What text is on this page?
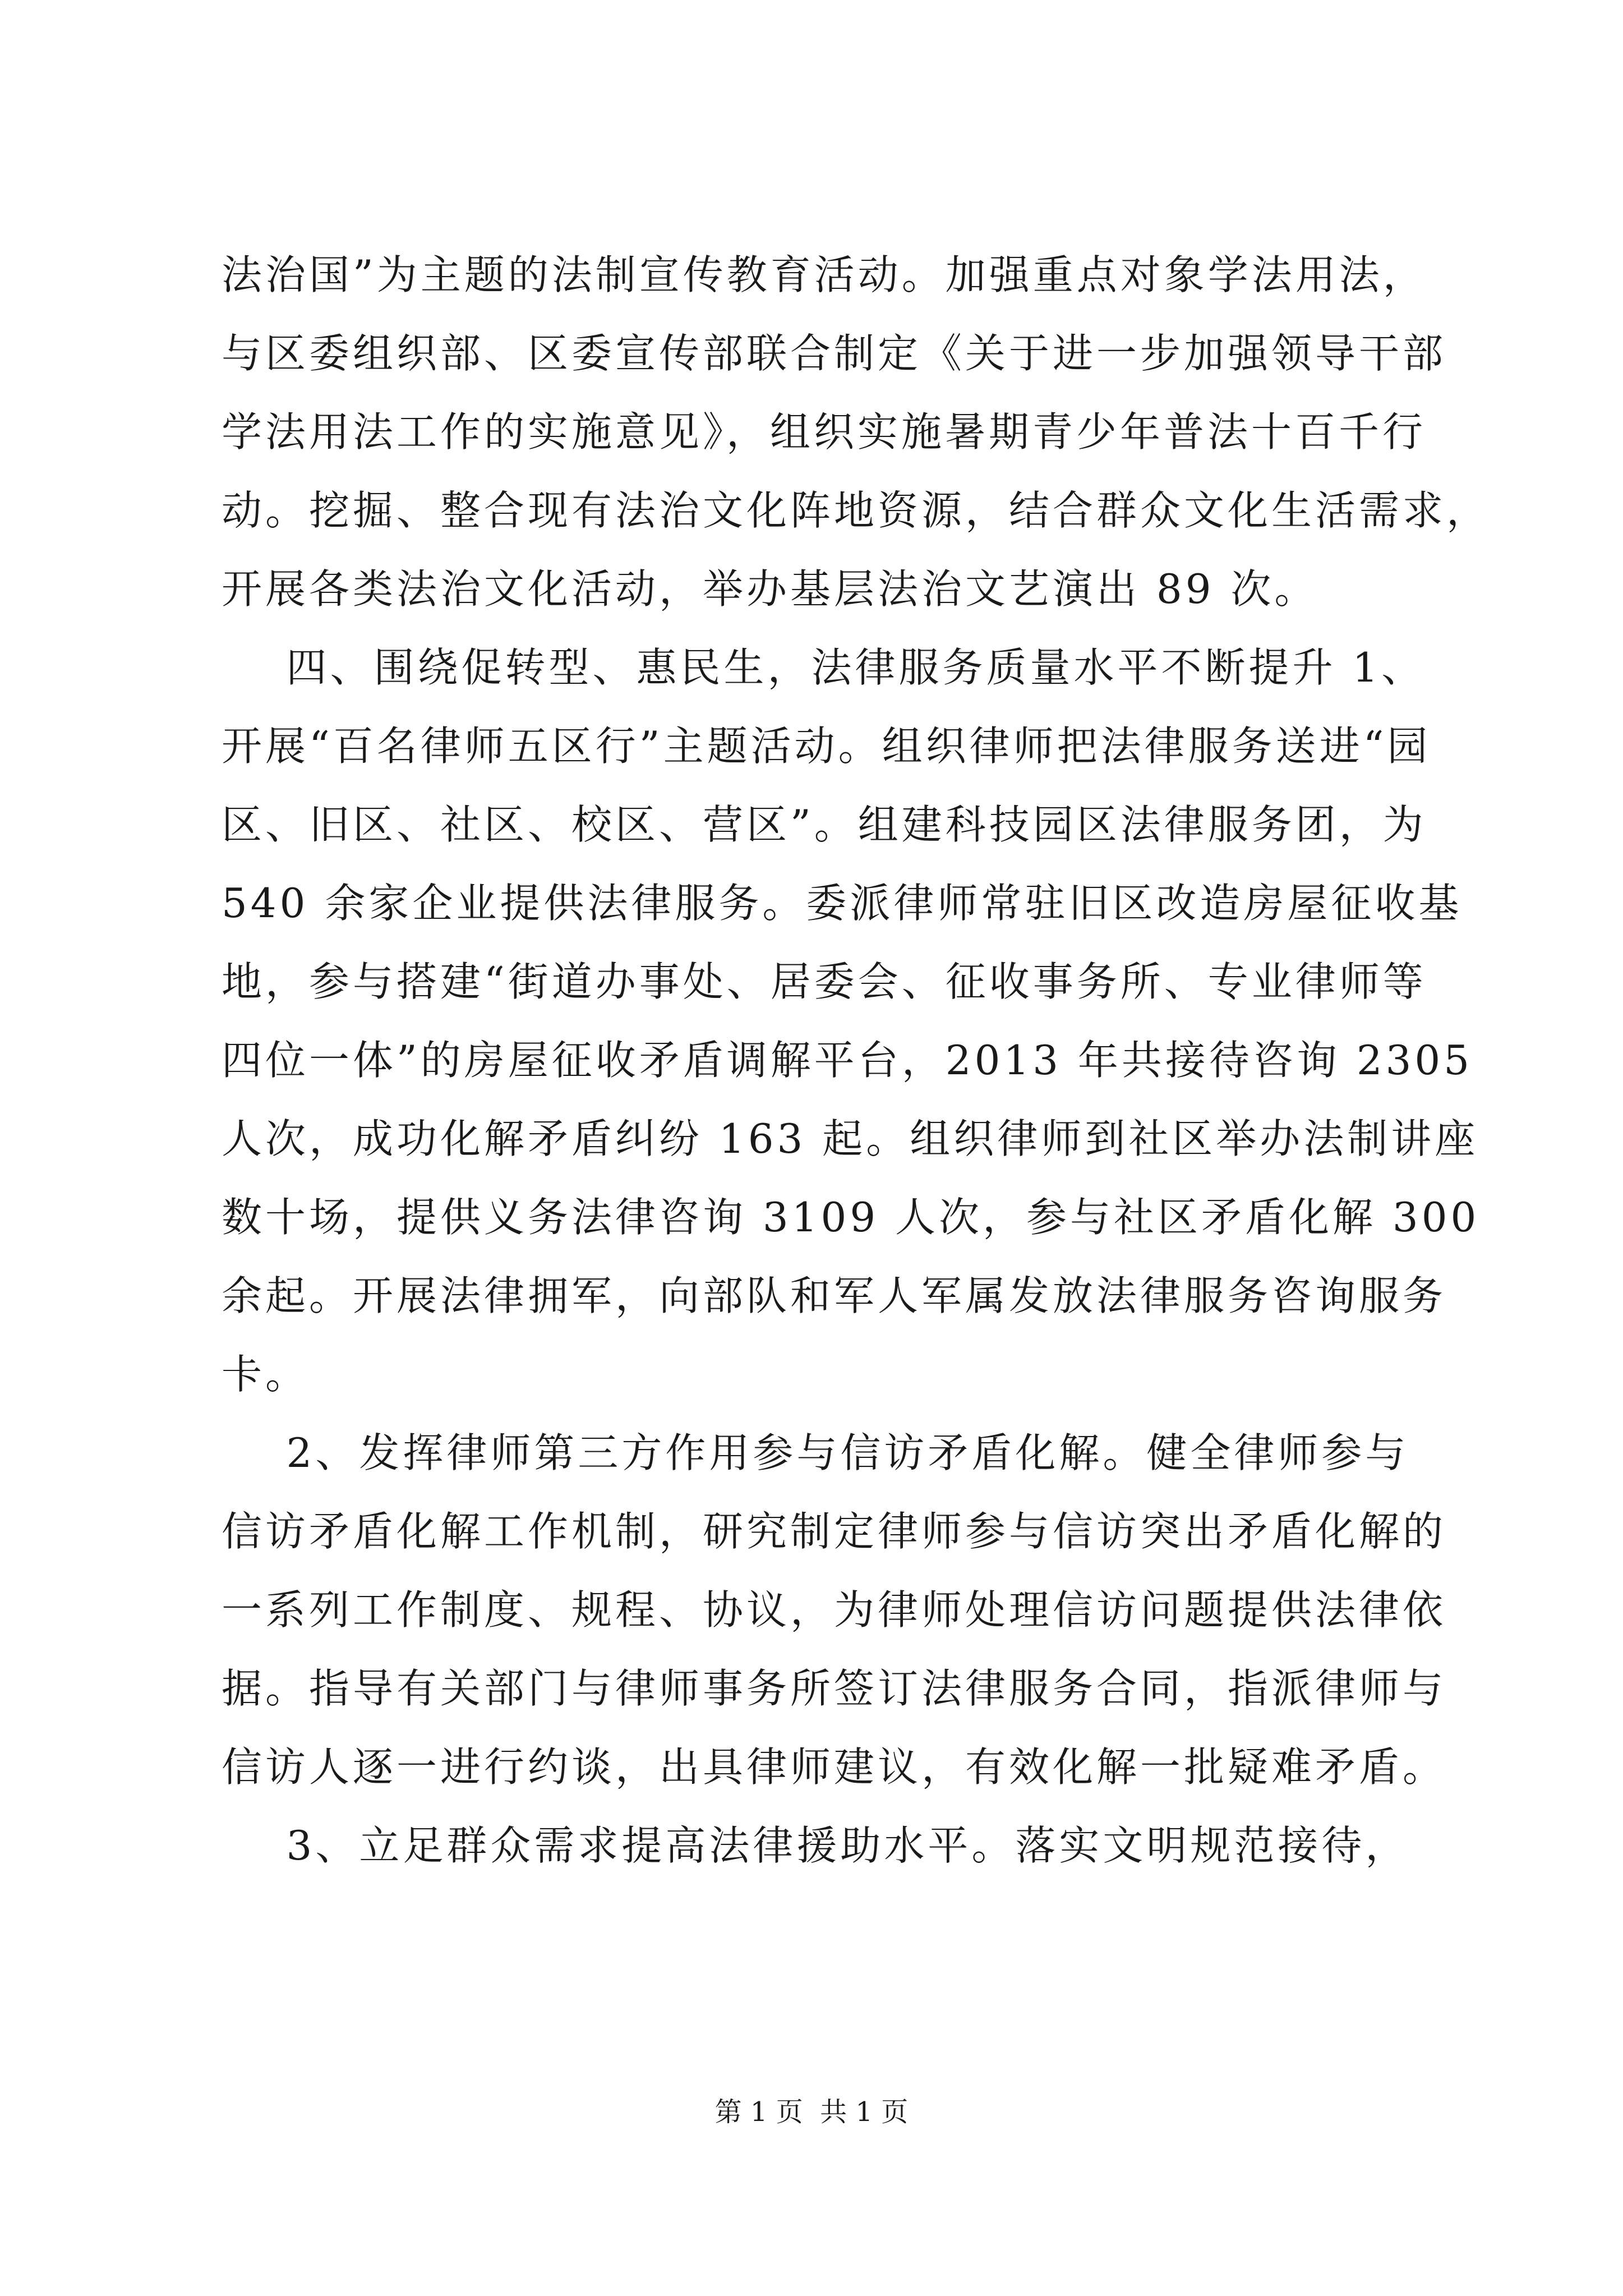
法治国”为主题的法制宣传教育活动。加强重点对象学法用法，
与区委组织部、区委宣传部联合制定《关于进一步加强领导干部
学法用法工作的实施意见》，组织实施暑期青少年普法十百千行
动。挖掘、整合现有法治文化阵地资源，结合群众文化生活需求，
开展各类法治文化活动，举办基层法治文艺演出 89 次。
四、围绕促转型、惠民生，法律服务质量水平不断提升 1、
开展“百名律师五区行”主题活动。组织律师把法律服务送进“园
区、旧区、社区、校区、营区”。组建科技园区法律服务团，为
540 余家企业提供法律服务。委派律师常驻旧区改造房屋征收基
地，参与搭建“街道办事处、居委会、征收事务所、专业律师等
四位一体”的房屋征收矛盾调解平台，2013 年共接待咨询 2305
人次，成功化解矛盾纠纷 163 起。组织律师到社区举办法制讲座
数十场，提供义务法律咨询 3109 人次，参与社区矛盾化解 300
余起。开展法律拥军，向部队和军人军属发放法律服务咨询服务
卡。
2、发挥律师第三方作用参与信访矛盾化解。健全律师参与
信访矛盾化解工作机制，研究制定律师参与信访突出矛盾化解的
一系列工作制度、规程、协议，为律师处理信访问题提供法律依
据。指导有关部门与律师事务所签订法律服务合同，指派律师与
信访人逐一进行约谈，出具律师建议，有效化解一批疑难矛盾。
3、立足群众需求提高法律援助水平。落实文明规范接待，
第 1 页  共 1 页
